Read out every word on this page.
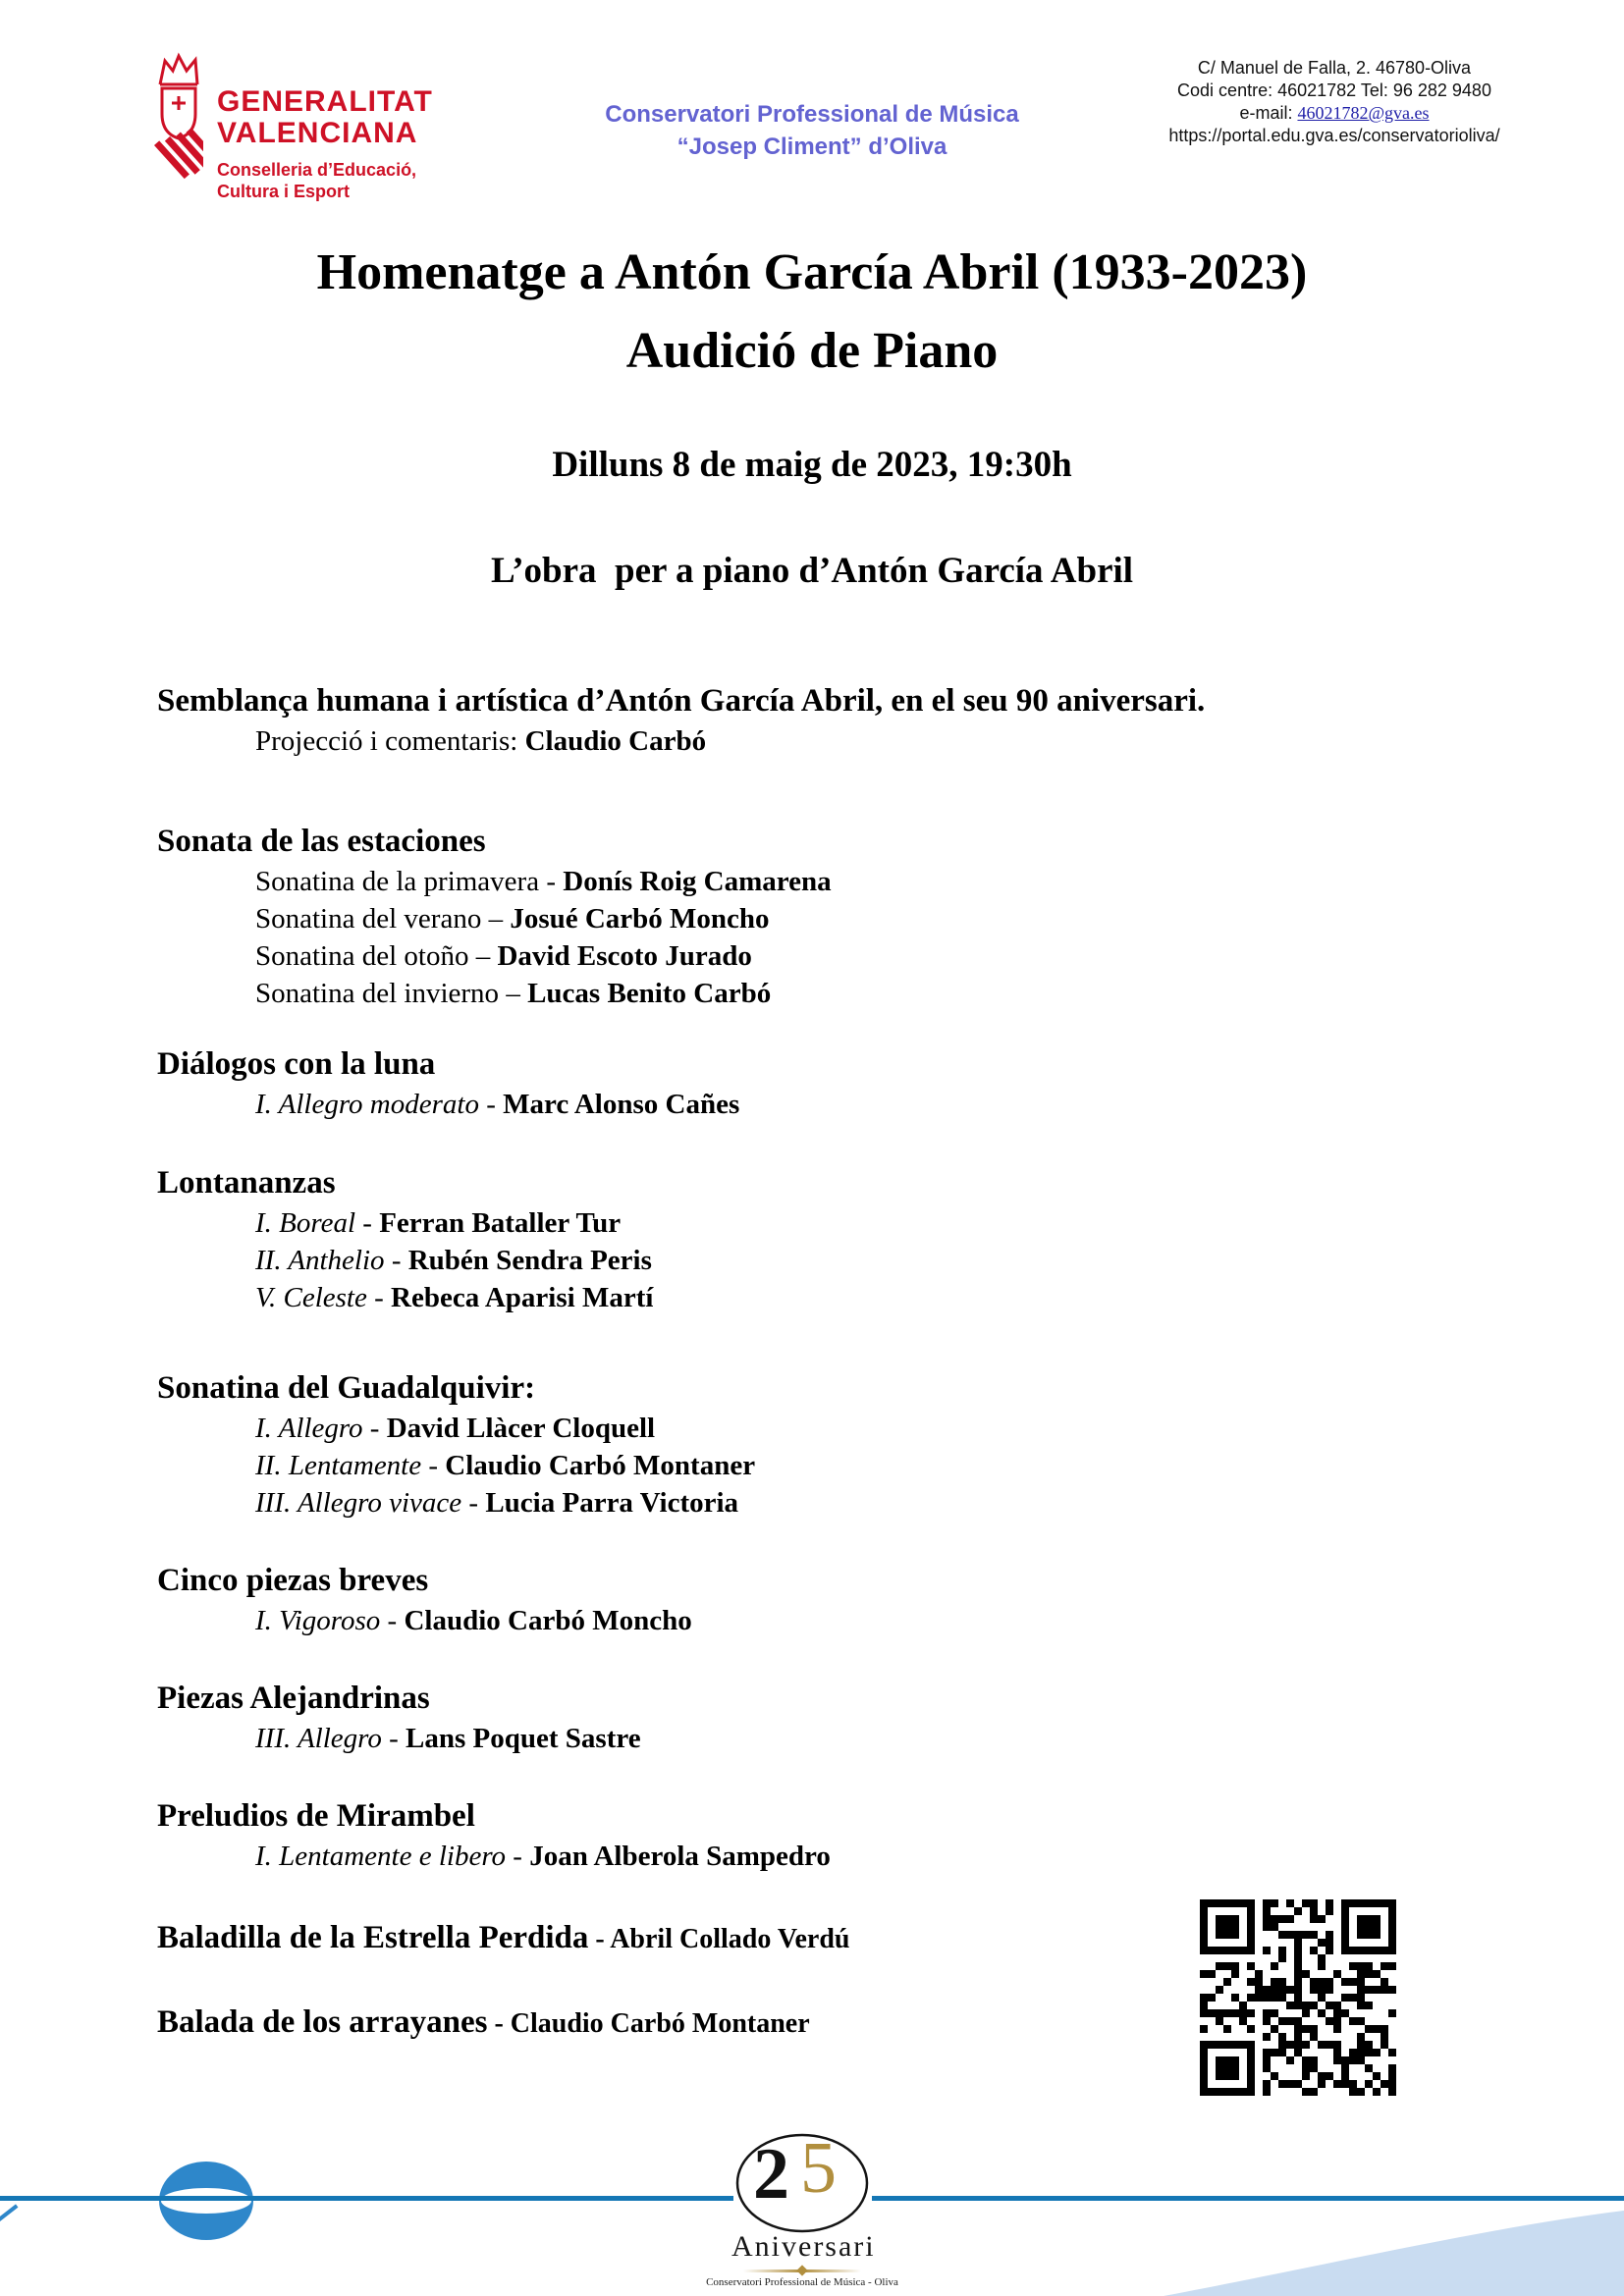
GENERALITAT
VALENCIANA
Conselleria d’Educació,
Cultura i Esport
Conservatori Professional de Música
“Josep Climent” d’Oliva
C/ Manuel de Falla, 2. 46780-Oliva
Codi centre: 46021782 Tel: 96 282 9480
e-mail: 46021782@gva.es
https://portal.edu.gva.es/conservatorioliva/
Homenatge a Antón García Abril (1933-2023)
Audició de Piano
Dilluns 8 de maig de 2023, 19:30h
L’obra  per a piano d’Antón García Abril
Semblança humana i artística d’Antón García Abril, en el seu 90 aniversari.
Projecció i comentaris: Claudio Carbó
Sonata de las estaciones
Sonatina de la primavera - Donís Roig Camarena
Sonatina del verano – Josué Carbó Moncho
Sonatina del otoño – David Escoto Jurado
Sonatina del invierno – Lucas Benito Carbó
Diálogos con la luna
I. Allegro moderato - Marc Alonso Cañes
Lontananzas
I. Boreal - Ferran Bataller Tur
II. Anthelio - Rubén Sendra Peris
V. Celeste - Rebeca Aparisi Martí
Sonatina del Guadalquivir:
I. Allegro - David Llàcer Cloquell
II. Lentamente - Claudio Carbó Montaner
III. Allegro vivace - Lucia Parra Victoria
Cinco piezas breves
I. Vigoroso - Claudio Carbó Moncho
Piezas Alejandrinas
III. Allegro - Lans Poquet Sastre
Preludios de Mirambel
I. Lentamente e libero - Joan Alberola Sampedro
Baladilla de la Estrella Perdida - Abril Collado Verdú
Balada de los arrayanes - Claudio Carbó Montaner
2 5
Aniversari
Conservatori Professional de Música - Oliva
